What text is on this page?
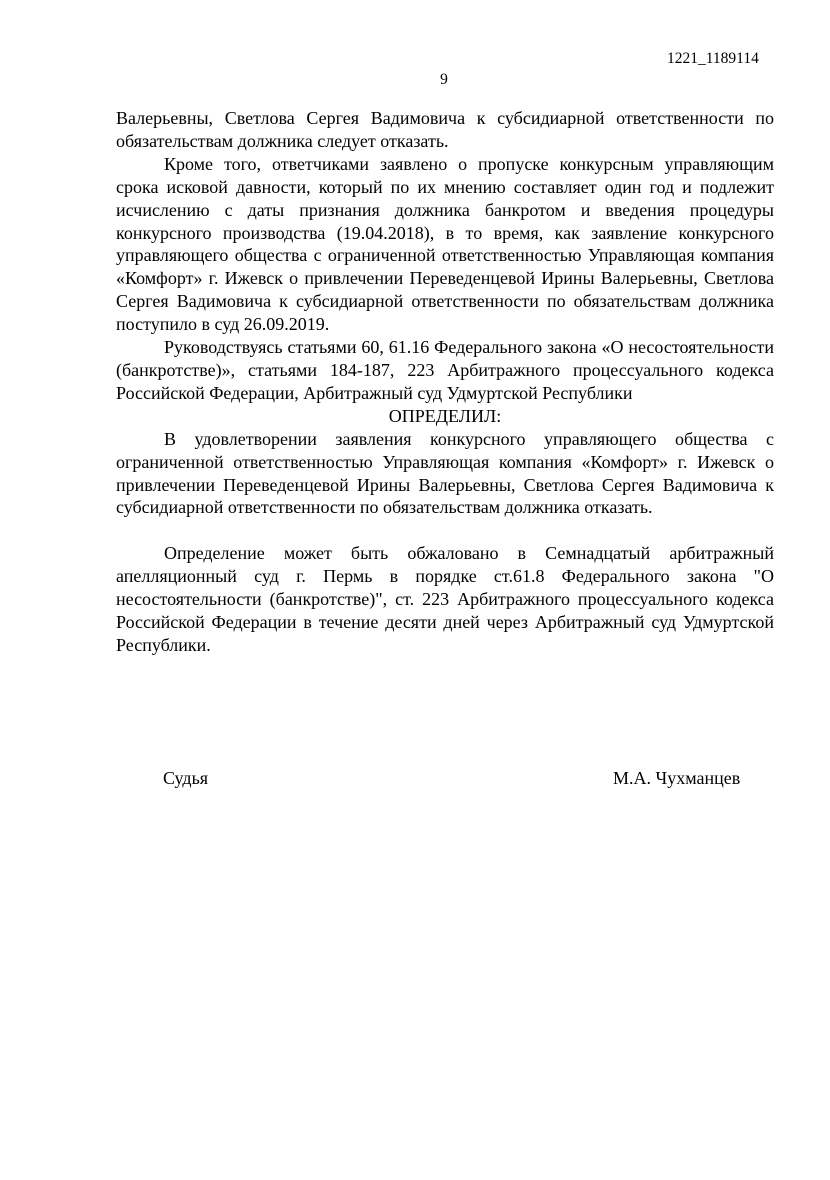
1221_1189114
9

Валерьевны, Светлова Сергея Вадимовича к субсидиарной ответственности по обязательствам должника следует отказать.

Кроме того, ответчиками заявлено о пропуске конкурсным управляющим срока исковой давности, который по их мнению составляет один год и подлежит исчислению с даты признания должника банкротом и введения процедуры конкурсного производства (19.04.2018), в то время, как заявление конкурсного управляющего общества с ограниченной ответственностью Управляющая компания «Комфорт» г. Ижевск о привлечении Переведенцевой Ирины Валерьевны, Светлова Сергея Вадимовича к субсидиарной ответственности по обязательствам должника поступило в суд 26.09.2019.

Руководствуясь статьями 60, 61.16 Федерального закона «О несостоятельности (банкротстве)», статьями 184-187, 223 Арбитражного процессуального кодекса Российской Федерации, Арбитражный суд Удмуртской Республики

ОПРЕДЕЛИЛ:

В удовлетворении заявления конкурсного управляющего общества с ограниченной ответственностью Управляющая компания «Комфорт» г. Ижевск о привлечении Переведенцевой Ирины Валерьевны, Светлова Сергея Вадимовича к субсидиарной ответственности по обязательствам должника отказать.

Определение может быть обжаловано в Семнадцатый арбитражный апелляционный суд г. Пермь в порядке ст.61.8 Федерального закона "О несостоятельности (банкротстве)", ст. 223 Арбитражного процессуального кодекса Российской Федерации в течение десяти дней через Арбитражный суд Удмуртской Республики.

Судья	М.А. Чухманцев
